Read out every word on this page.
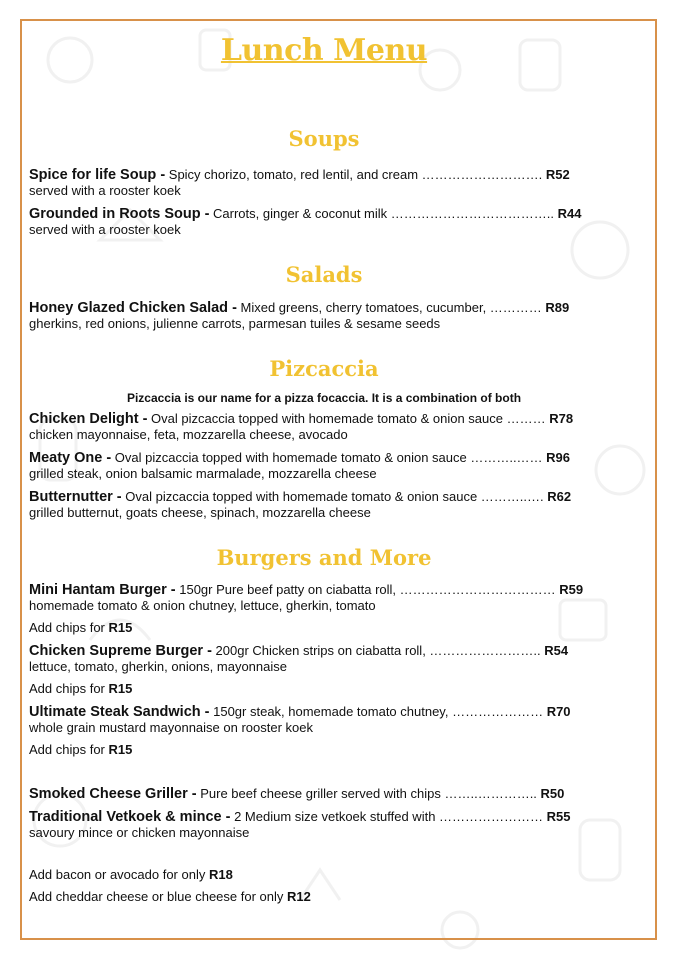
Lunch Menu
Soups
Spice for life Soup - Spicy chorizo, tomato, red lentil, and cream ………………………. R52
served with a rooster koek
Grounded in Roots Soup - Carrots, ginger & coconut milk ……………………………….. R44
served with a rooster koek
Salads
Honey Glazed Chicken Salad - Mixed greens, cherry tomatoes, cucumber, ………… R89
gherkins, red onions, julienne carrots, parmesan tuiles & sesame seeds
Pizcaccia
Pizcaccia is our name for a pizza focaccia. It is a combination of both
Chicken Delight - Oval pizcaccia topped with homemade tomato & onion sauce ……… R78
chicken mayonnaise, feta, mozzarella cheese, avocado
Meaty One - Oval pizcaccia topped with homemade tomato & onion sauce ………..…… R96
grilled steak, onion balsamic marmalade, mozzarella cheese
Butternutter - Oval pizcaccia topped with homemade tomato & onion sauce ………..…. R62
grilled butternut, goats cheese, spinach, mozzarella cheese
Burgers and More
Mini Hantam Burger - 150gr Pure beef patty on ciabatta roll, ……………………………… R59
homemade tomato & onion chutney, lettuce, gherkin, tomato
Add chips for R15
Chicken Supreme Burger - 200gr Chicken strips on ciabatta roll, …………………….. R54
lettuce, tomato, gherkin, onions, mayonnaise
Add chips for R15
Ultimate Steak Sandwich - 150gr steak, homemade tomato chutney, ………………… R70
whole grain mustard mayonnaise on rooster koek
Add chips for R15
Smoked Cheese Griller - Pure beef cheese griller served with chips ……..………….. R50
Traditional Vetkoek & mince - 2 Medium size vetkoek stuffed with …………………… R55
savoury mince or chicken mayonnaise
Add bacon or avocado for only R18
Add cheddar cheese or blue cheese for only R12
